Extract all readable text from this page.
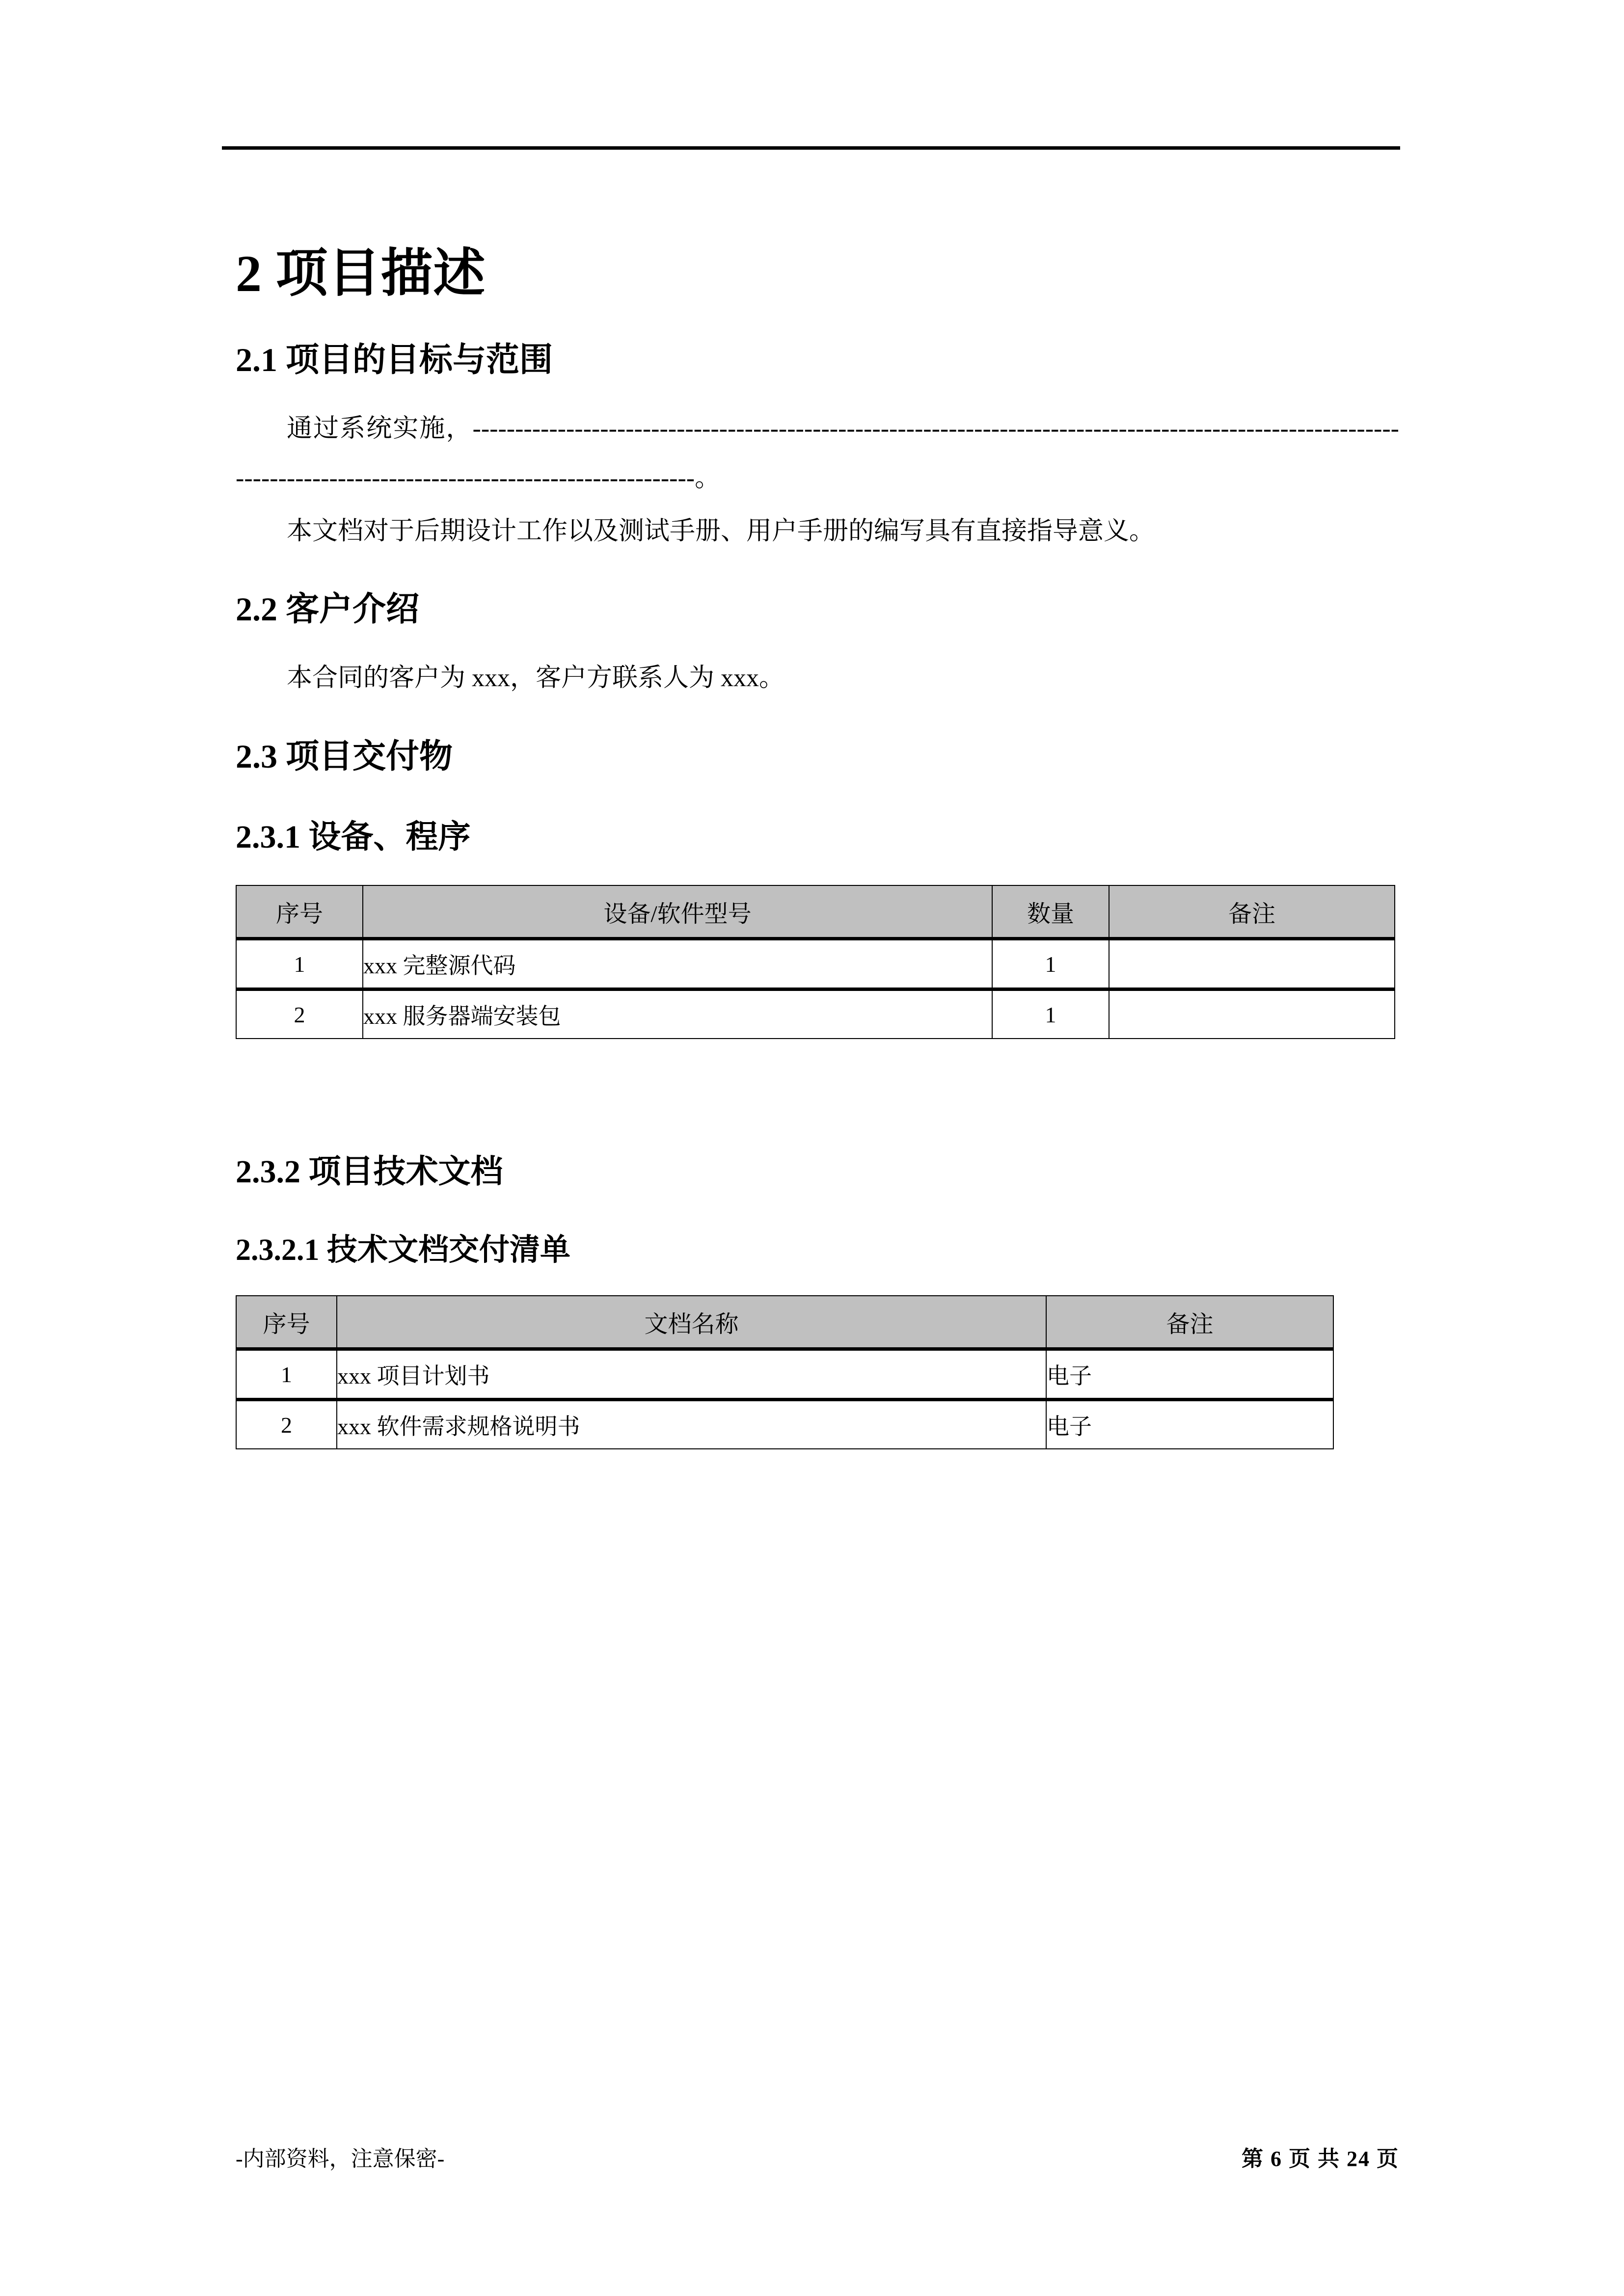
2 项目描述
2.1 项目的目标与范围

通过系统实施，-------------------------------------------------------------------------------------------------------------------------------------------------------------------。

本文档对于后期设计工作以及测试手册、用户手册的编写具有直接指导意义。

2.2 客户介绍

本合同的客户为 xxx，客户方联系人为 xxx。

2.3 项目交付物
2.3.1 设备、程序
序号	设备/软件型号	数量	备注
1	xxx 完整源代码	1	
2	xxx 服务器端安装包	1	
2.3.2 项目技术文档
2.3.2.1 技术文档交付清单
序号	文档名称	备注
1	xxx 项目计划书	电子
2	xxx 软件需求规格说明书	电子
-内部资料，注意保密-	第 6 页 共 24 页
